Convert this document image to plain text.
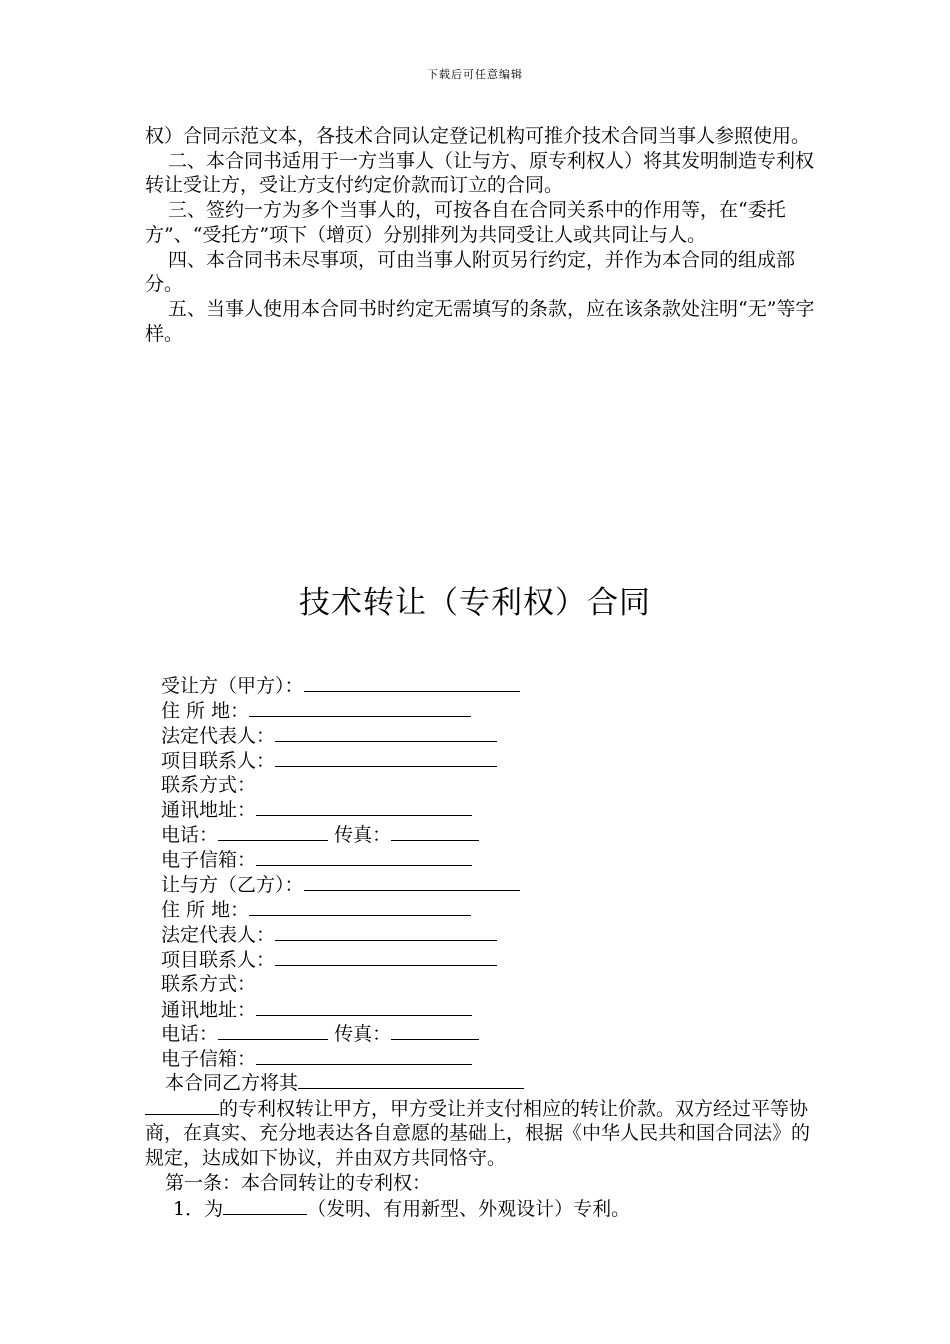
下载后可任意编辑

权）合同示范文本，各技术合同认定登记机构可推介技术合同当事人参照使用。

二、本合同书适用于一方当事人（让与方、原专利权人）将其发明制造专利权转让受让方，受让方支付约定价款而订立的合同。

三、签约一方为多个当事人的，可按各自在合同关系中的作用等，在“委托方”、“受托方”项下（增页）分别排列为共同受让人或共同让与人。

四、本合同书未尽事项，可由当事人附页另行约定，并作为本合同的组成部分。

五、当事人使用本合同书时约定无需填写的条款，应在该条款处注明“无”等字样。

技术转让（专利权）合同
受让方（甲方）：
住 所 地：
法定代表人：
项目联系人：
联系方式：
通讯地址：
电话：	传真：
电子信箱：
让与方（乙方）：
住 所 地：
法定代表人：
项目联系人：
联系方式：
通讯地址：
电话：	传真：
电子信箱：

本合同乙方将其

的专利权转让甲方，甲方受让并支付相应的转让价款。双方经过平等协商，在真实、充分地表达各自意愿的基础上，根据《中华人民共和国合同法》的规定，达成如下协议，并由双方共同恪守。

第一条：本合同转让的专利权：

1．为	（发明、有用新型、外观设计）专利。
